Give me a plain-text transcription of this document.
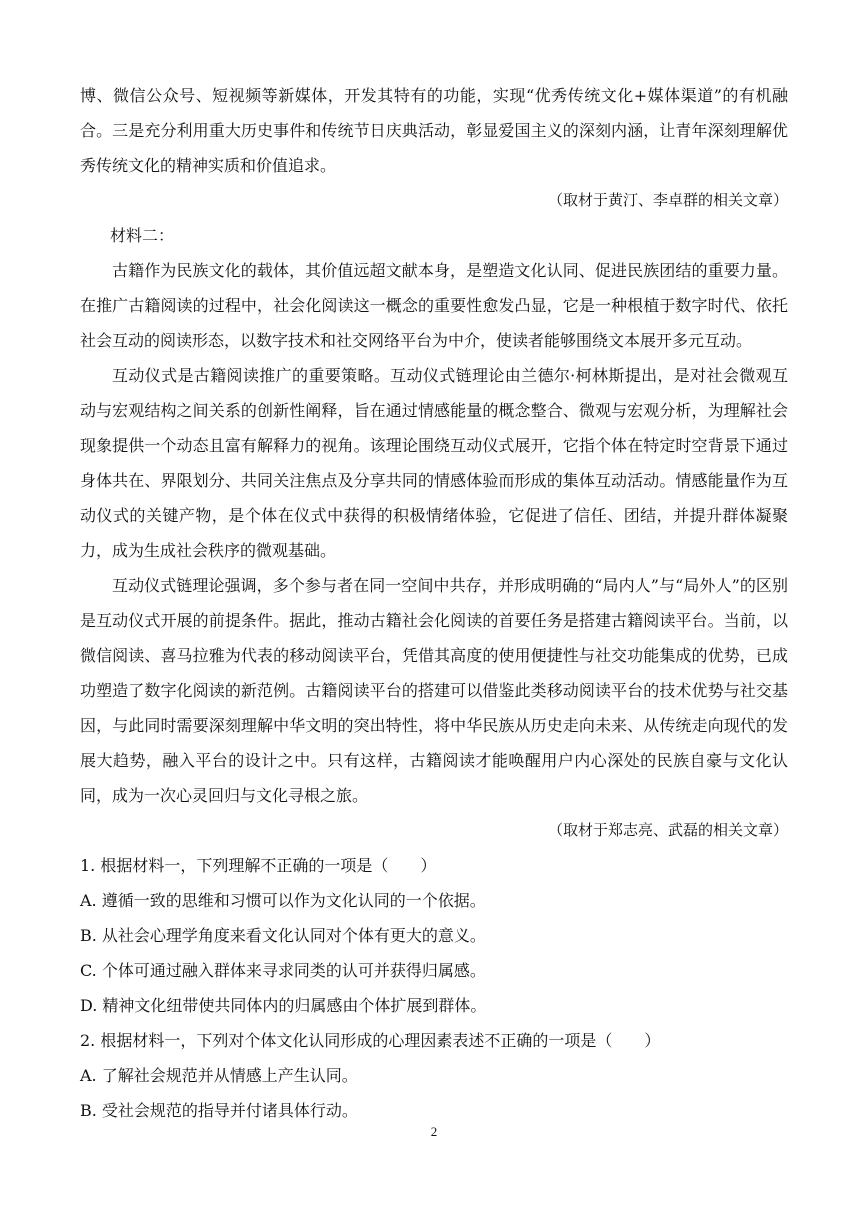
博、微信公众号、短视频等新媒体，开发其特有的功能，实现“优秀传统文化+媒体渠道”的有机融合。三是充分利用重大历史事件和传统节日庆典活动，彰显爱国主义的深刻内涵，让青年深刻理解优秀传统文化的精神实质和价值追求。

（取材于黄汀、李卓群的相关文章）

材料二：

古籍作为民族文化的载体，其价值远超文献本身，是塑造文化认同、促进民族团结的重要力量。在推广古籍阅读的过程中，社会化阅读这一概念的重要性愈发凸显，它是一种根植于数字时代、依托社会互动的阅读形态，以数字技术和社交网络平台为中介，使读者能够围绕文本展开多元互动。

互动仪式是古籍阅读推广的重要策略。互动仪式链理论由兰德尔·柯林斯提出，是对社会微观互动与宏观结构之间关系的创新性阐释，旨在通过情感能量的概念整合、微观与宏观分析，为理解社会现象提供一个动态且富有解释力的视角。该理论围绕互动仪式展开，它指个体在特定时空背景下通过身体共在、界限划分、共同关注焦点及分享共同的情感体验而形成的集体互动活动。情感能量作为互动仪式的关键产物，是个体在仪式中获得的积极情绪体验，它促进了信任、团结，并提升群体凝聚力，成为生成社会秩序的微观基础。

互动仪式链理论强调，多个参与者在同一空间中共存，并形成明确的“局内人”与“局外人”的区别是互动仪式开展的前提条件。据此，推动古籍社会化阅读的首要任务是搭建古籍阅读平台。当前，以微信阅读、喜马拉雅为代表的移动阅读平台，凭借其高度的使用便捷性与社交功能集成的优势，已成功塑造了数字化阅读的新范例。古籍阅读平台的搭建可以借鉴此类移动阅读平台的技术优势与社交基因，与此同时需要深刻理解中华文明的突出特性，将中华民族从历史走向未来、从传统走向现代的发展大趋势，融入平台的设计之中。只有这样，古籍阅读才能唤醒用户内心深处的民族自豪与文化认同，成为一次心灵回归与文化寻根之旅。

（取材于郑志亮、武磊的相关文章）

1. 根据材料一，下列理解不正确的一项是（　　）

A. 遵循一致的思维和习惯可以作为文化认同的一个依据。

B. 从社会心理学角度来看文化认同对个体有更大的意义。

C. 个体可通过融入群体来寻求同类的认可并获得归属感。

D. 精神文化纽带使共同体内的归属感由个体扩展到群体。

2. 根据材料一，下列对个体文化认同形成的心理因素表述不正确的一项是（　　）

A. 了解社会规范并从情感上产生认同。

B. 受社会规范的指导并付诸具体行动。

2
